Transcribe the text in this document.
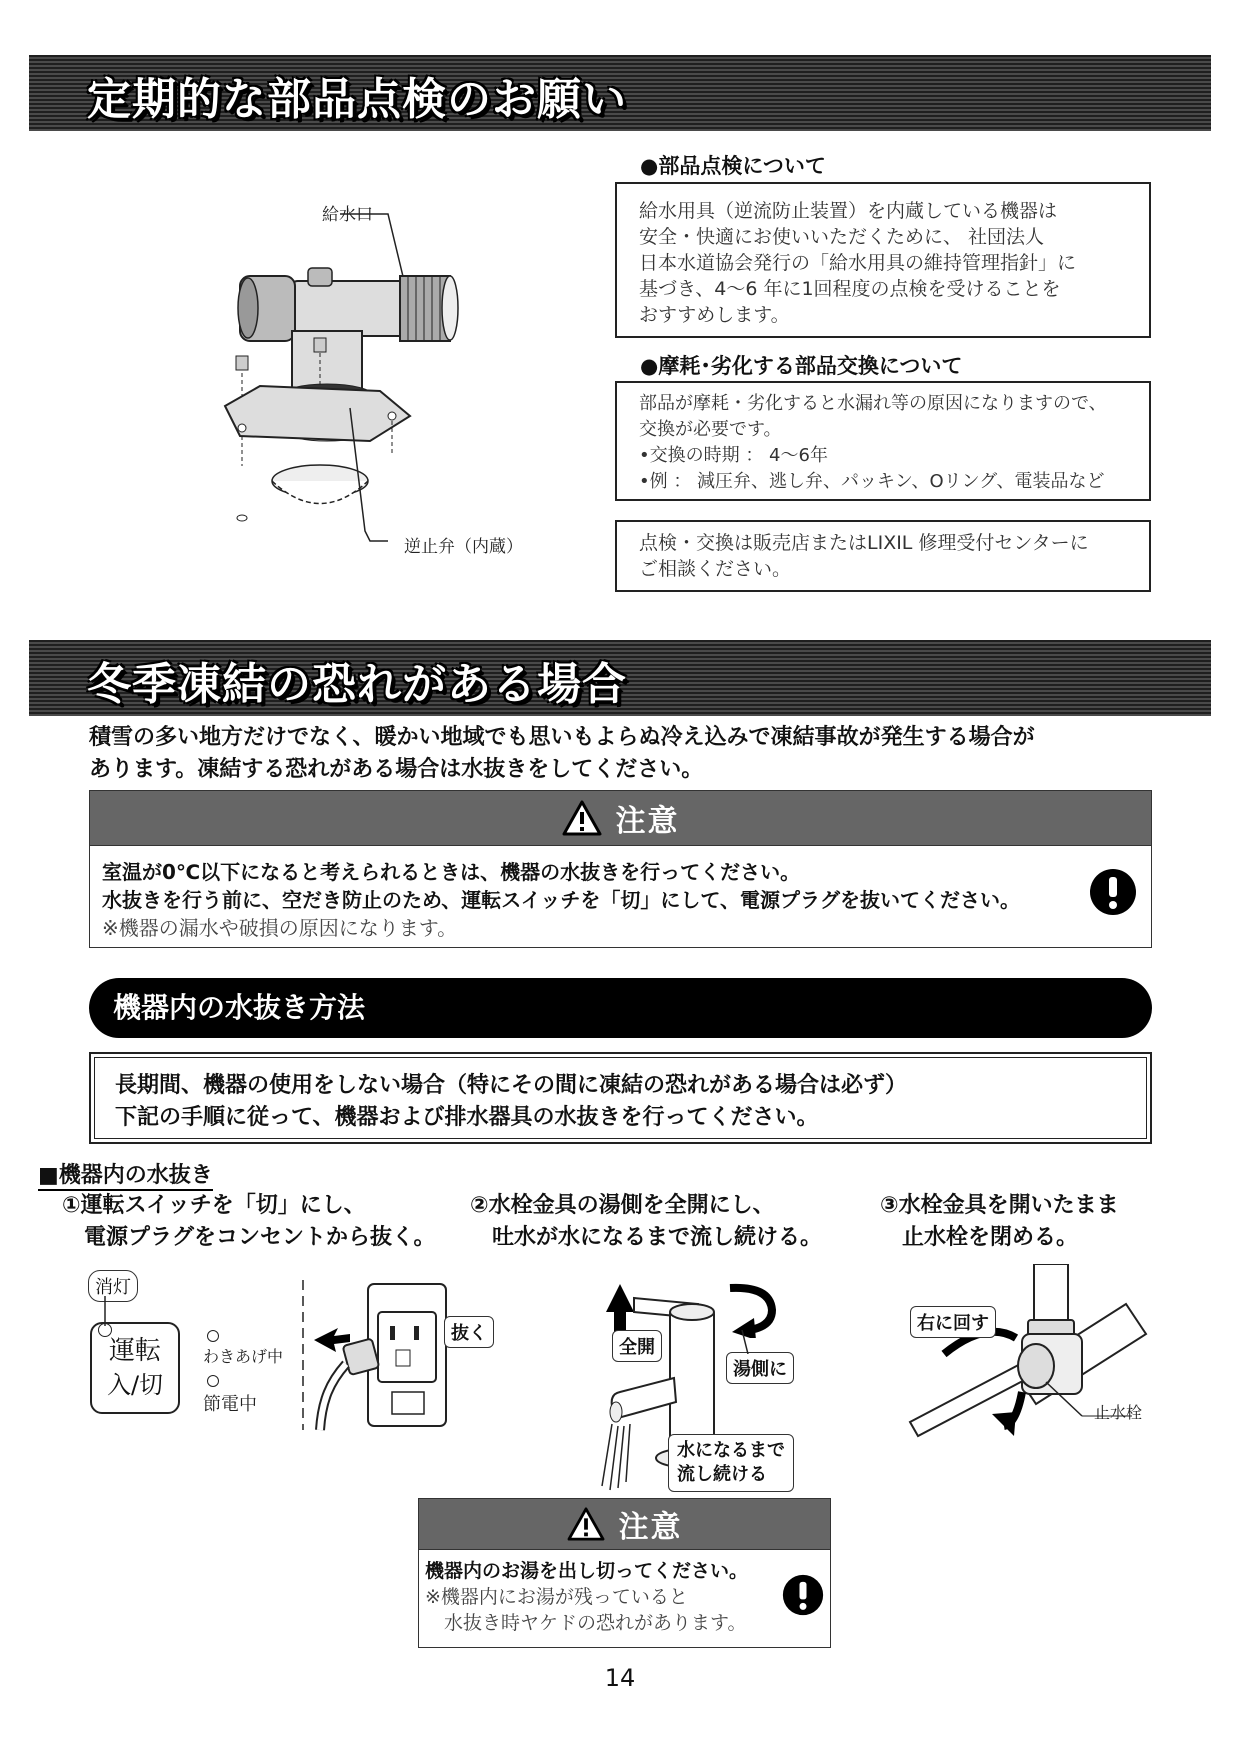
定期的な部品点検のお願い
給水口
逆止弁（内蔵）
●部品点検について
給水用具（逆流防止装置）を内蔵している機器は
安全・快適にお使いいただくために、 社団法人
日本水道協会発行の「給水用具の維持管理指針」に
基づき、4〜6 年に1回程度の点検を受けることを
おすすめします。
●摩耗･劣化する部品交換について
部品が摩耗・劣化すると水漏れ等の原因になりますので、
交換が必要です。
•交換の時期 ： 4〜6年
•例 ： 減圧弁、逃し弁、パッキン、Oリング、電装品など
点検・交換は販売店またはLIXIL 修理受付センターに
ご相談ください。
冬季凍結の恐れがある場合
積雪の多い地方だけでなく、暖かい地域でも思いもよらぬ冷え込みで凍結事故が発生する場合が
あります。凍結する恐れがある場合は水抜きをしてください。
注意
室温が0℃以下になると考えられるときは、機器の水抜きを行ってください。
水抜きを行う前に、空だき防止のため、運転スイッチを「切」にして、電源プラグを抜いてください。
※機器の漏水や破損の原因になります。
機器内の水抜き方法
長期間、機器の使用をしない場合（特にその間に凍結の恐れがある場合は必ず）
下記の手順に従って、機器および排水器具の水抜きを行ってください。
■機器内の水抜き
①運転スイッチを「切」にし、
　電源プラグをコンセントから抜く。
②水栓金具の湯側を全開にし、
　吐水が水になるまで流し続ける。
③水栓金具を開いたまま
　止水栓を閉める。
消灯
運転
入/切
わきあげ中
節電中
抜く
全開
湯側に
水になるまで
流し続ける
右に回す
止水栓
注意
機器内のお湯を出し切ってください。
※機器内にお湯が残っていると
　水抜き時ヤケドの恐れがあります。
14
